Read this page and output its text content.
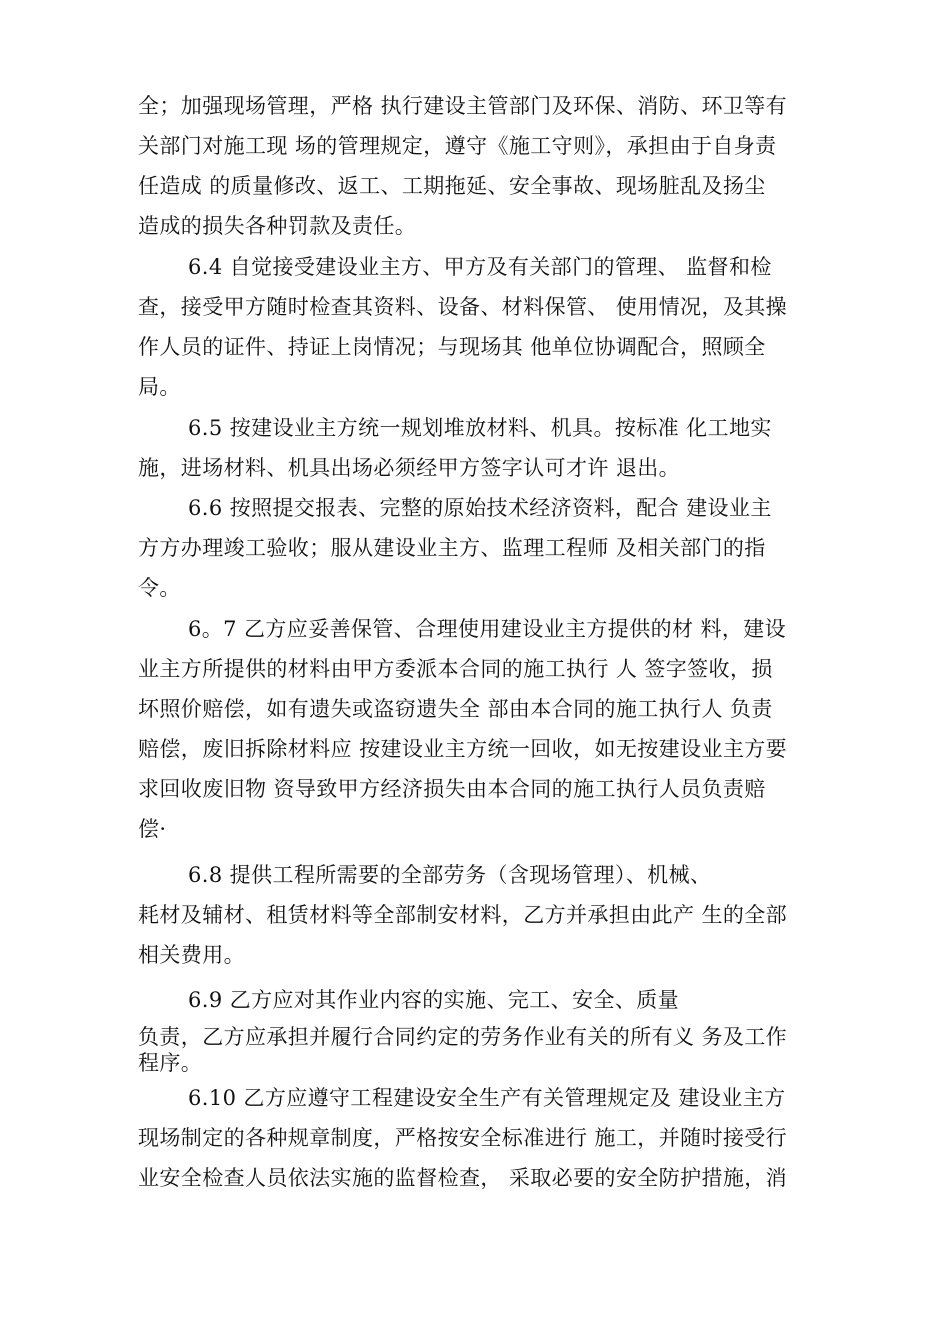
全；加强现场管理，严格 执行建设主管部门及环保、消防、环卫等有
关部门对施工现 场的管理规定，遵守《施工守则》，承担由于自身责
任造成 的质量修改、返工、工期拖延、安全事故、现场脏乱及扬尘
造成的损失各种罚款及责任。
6.4 自觉接受建设业主方、甲方及有关部门的管理、 监督和检
查，接受甲方随时检查其资料、设备、材料保管、 使用情况，及其操
作人员的证件、持证上岗情况；与现场其 他单位协调配合，照顾全
局。
6.5 按建设业主方统一规划堆放材料、机具。按标准 化工地实
施，进场材料、机具出场必须经甲方签字认可才许 退出。
6.6 按照提交报表、完整的原始技术经济资料，配合 建设业主
方方办理竣工验收；服从建设业主方、监理工程师 及相关部门的指
令。
6。7 乙方应妥善保管、合理使用建设业主方提供的材 料，建设
业主方所提供的材料由甲方委派本合同的施工执行 人 签字签收，损
坏照价赔偿，如有遗失或盗窃遗失全 部由本合同的施工执行人 负责
赔偿，废旧拆除材料应 按建设业主方统一回收，如无按建设业主方要
求回收废旧物 资导致甲方经济损失由本合同的施工执行人员负责赔
偿·
6.8 提供工程所需要的全部劳务（含现场管理）、机械、
耗材及辅材、租赁材料等全部制安材料，乙方并承担由此产 生的全部
相关费用。
6.9 乙方应对其作业内容的实施、完工、安全、质量
负责，乙方应承担并履行合同约定的劳务作业有关的所有义 务及工作
程序。
6.10 乙方应遵守工程建设安全生产有关管理规定及 建设业主方
现场制定的各种规章制度，严格按安全标准进行 施工，并随时接受行
业安全检查人员依法实施的监督检查， 采取必要的安全防护措施，消
